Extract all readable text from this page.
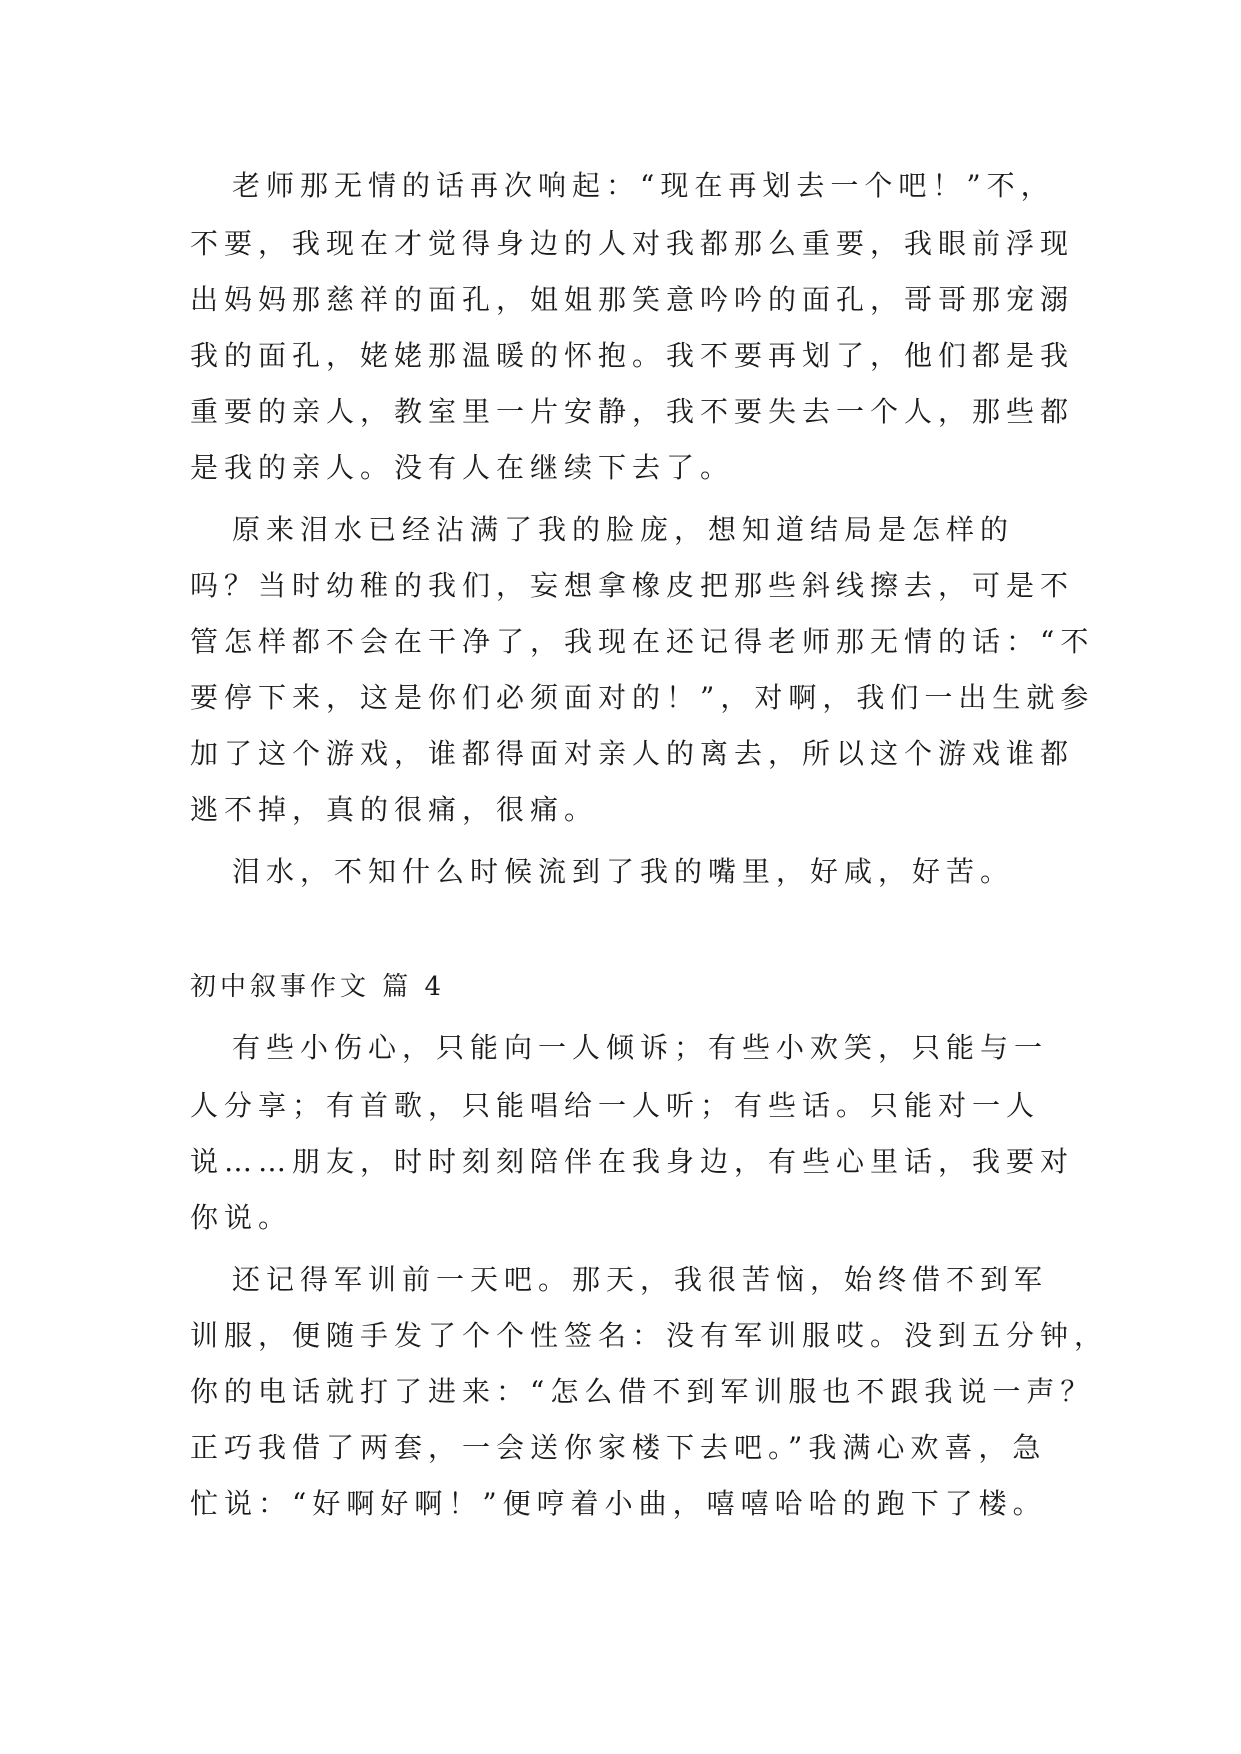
老师那无情的话再次响起：“现在再划去一个吧！”不，
不要，我现在才觉得身边的人对我都那么重要，我眼前浮现
出妈妈那慈祥的面孔，姐姐那笑意吟吟的面孔，哥哥那宠溺
我的面孔，姥姥那温暖的怀抱。我不要再划了，他们都是我
重要的亲人，教室里一片安静，我不要失去一个人，那些都
是我的亲人。没有人在继续下去了。
原来泪水已经沾满了我的脸庞，想知道结局是怎样的
吗？当时幼稚的我们，妄想拿橡皮把那些斜线擦去，可是不
管怎样都不会在干净了，我现在还记得老师那无情的话：“不
要停下来，这是你们必须面对的！”，对啊，我们一出生就参
加了这个游戏，谁都得面对亲人的离去，所以这个游戏谁都
逃不掉，真的很痛，很痛。
泪水，不知什么时候流到了我的嘴里，好咸，好苦。
初中叙事作文 篇 4
有些小伤心，只能向一人倾诉；有些小欢笑，只能与一
人分享；有首歌，只能唱给一人听；有些话。只能对一人
说……朋友，时时刻刻陪伴在我身边，有些心里话，我要对
你说。
还记得军训前一天吧。那天，我很苦恼，始终借不到军
训服，便随手发了个个性签名：没有军训服哎。没到五分钟，
你的电话就打了进来：“怎么借不到军训服也不跟我说一声？
正巧我借了两套，一会送你家楼下去吧。”我满心欢喜，急
忙说：“好啊好啊！”便哼着小曲，嘻嘻哈哈的跑下了楼。
